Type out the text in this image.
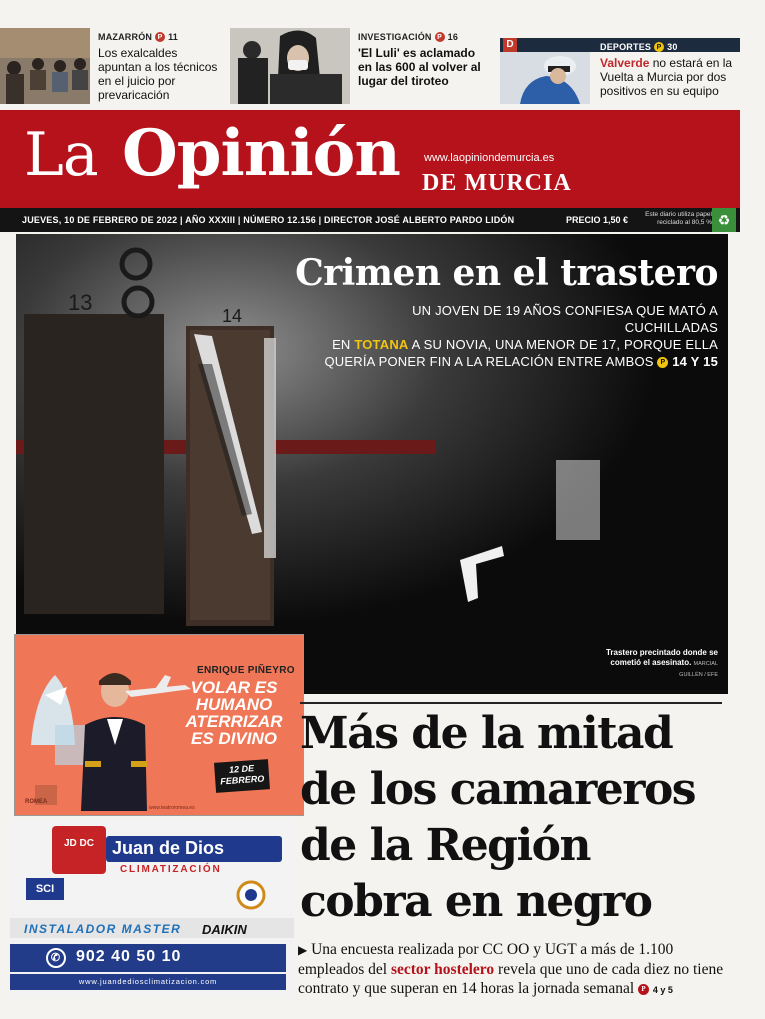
MAZARRÓN P 11
Los exalcaldes apuntan a los técnicos en el juicio por prevaricación
INVESTIGACIÓN P 16
'El Luli' es aclamado en las 600 al volver al lugar del tiroteo
D	DEPORTES P 30
Valverde no estará en la Vuelta a Murcia por dos positivos en su equipo
La Opinión www.laopiniondemurcia.es
DE MURCIA
JUEVES, 10 DE FEBRERO DE 2022 | AÑO XXXIII | NÚMERO 12.156 | DIRECTOR JOSÉ ALBERTO PARDO LIDÓN	PRECIO 1,50 €
Este diario utiliza papel reciclado al 80,5 % ♻
13
14
Crimen en el trastero
UN JOVEN DE 19 AÑOS CONFIESA QUE MATÓ A CUCHILLADAS
EN TOTANA A SU NOVIA, UNA MENOR DE 17, PORQUE ELLA
QUERÍA PONER FIN A LA RELACIÓN ENTRE AMBOS P 14 Y 15
Trastero precintado donde se cometió el asesinato. MARCIAL GUILLÉN / EFE
ENRIQUE PIÑEYRO
VOLAR ES HUMANO ATERRIZAR ES DIVINO
12 DE
FEBRERO
www.teatroromea.es
ROMEA
JD DC	Juan de Dios
CLIMATIZACIÓN
SCI
INSTALADOR MASTER DAIKIN
✆ 902 40 50 10
www.juandediosclimatizacion.com
Más de la mitad de los camareros de la Región cobra en negro
▶ Una encuesta realizada por CC OO y UGT a más de 1.100 empleados del sector hostelero revela que uno de cada diez no tiene contrato y que superan en 14 horas la jornada semanal P 4 y 5
